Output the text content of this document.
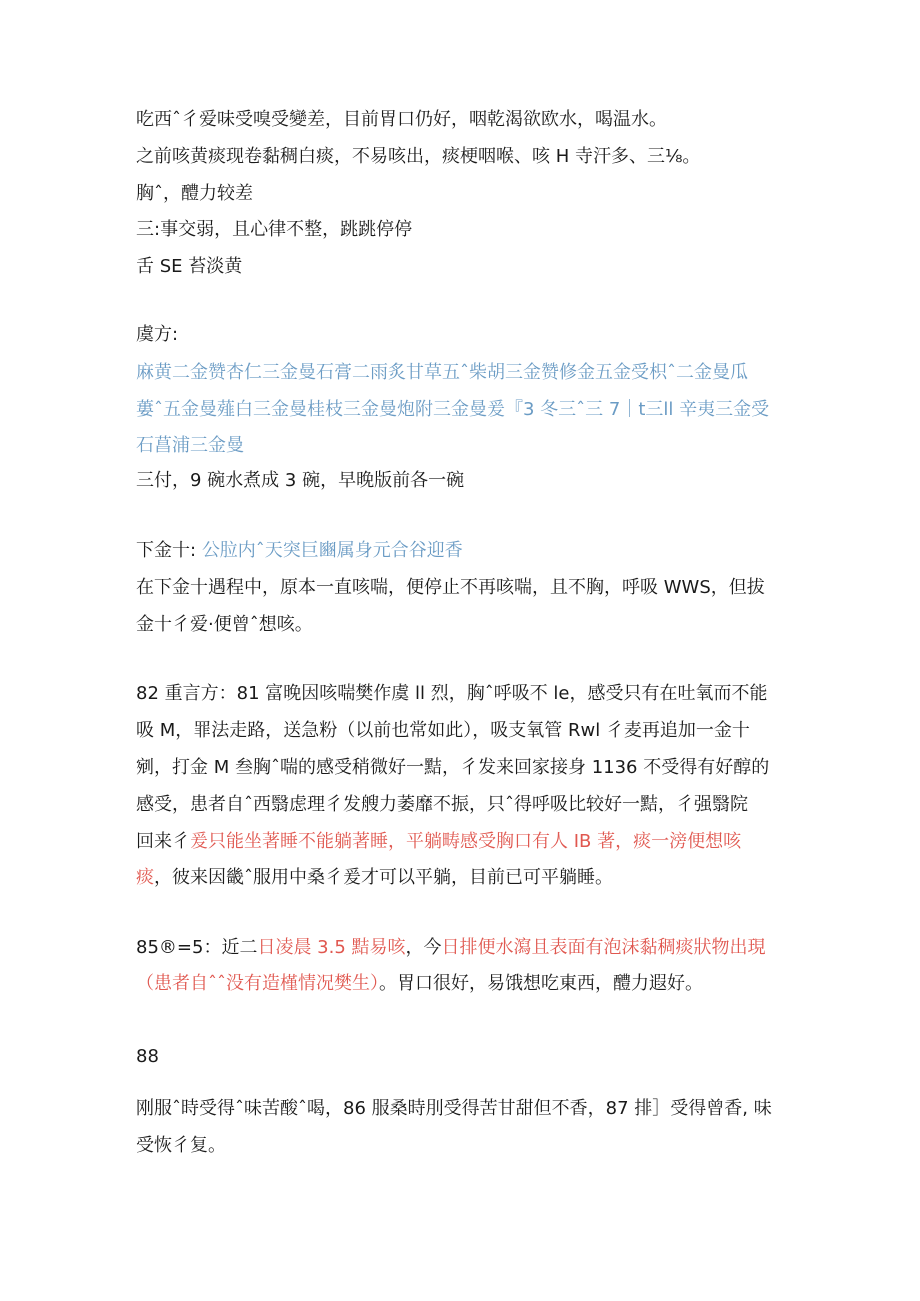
吃西ˆ彳爱味受嗅受變差，目前胃口仍好，咽乾渴欲欧水，喝温水。
之前咳黄痰现卷黏稠白痰，不易咳出，痰梗咽喉、咳 H 寺汗多、三⅛。
胸ˆ，醴力较差
三:事交弱，且心律不整，跳跳停停
舌 SE 苔淡黄
虞方:
麻黄二金赞杏仁三金曼石膏二雨炙甘草五ˆ柴胡三金赞修金五金受枳ˆ二金曼瓜
蔞ˆ五金曼薤白三金曼桂枝三金曼炮附三金曼爰『3 冬三ˆ三 7｜t三ll 辛夷三金受
石菖浦三金曼
三付，9 碗水煮成 3 碗，早晚版前各一碗
下金十: 公䏠内ˆ天突巨豳属身元合谷迎香
在下金十遇程中，原本一直咳喘，便停止不再咳喘，且不胸，呼吸 WWS，但拔
金十彳爱·便曾ˆ想咳。
82 重言方：81 富晚因咳喘樊作虞 ll 烈，胸ˆ呼吸不 le，感受只有在吐氧而不能
吸 M，罪法走路，送急粉（以前也常如此），吸支氧管 Rwl 彳麦再追加一金十
剜，打金 M 叁胸ˆ喘的感受稍微好一黠，彳发来回家接身 1136 不受得有好醇的
感受，患者自ˆ西翳虑理彳发艘力萎靡不振，只ˆ得呼吸比较好一黠，彳强翳院
回来彳爰只能坐著睡不能躺著睡，平躺畴感受胸口有人 IB 著，痰一滂便想咳
痰，彼来因畿ˆ服用中桑彳爰才可以平躺，目前已可平躺睡。
85®=5：近二日凌晨 3.5 黠易咳，今日排便水瀉且表面有泡沫黏稠痰狀物出現
（患者自ˆˆ没有造槿情况樊生）。胃口很好，易饿想吃東西，醴力遐好。
88
刚服ˆ時受得ˆ味苦酸ˆ喝，86 服桑時刖受得苦甘甜但不香，87 排］受得曾香, 味
受恢彳复。
